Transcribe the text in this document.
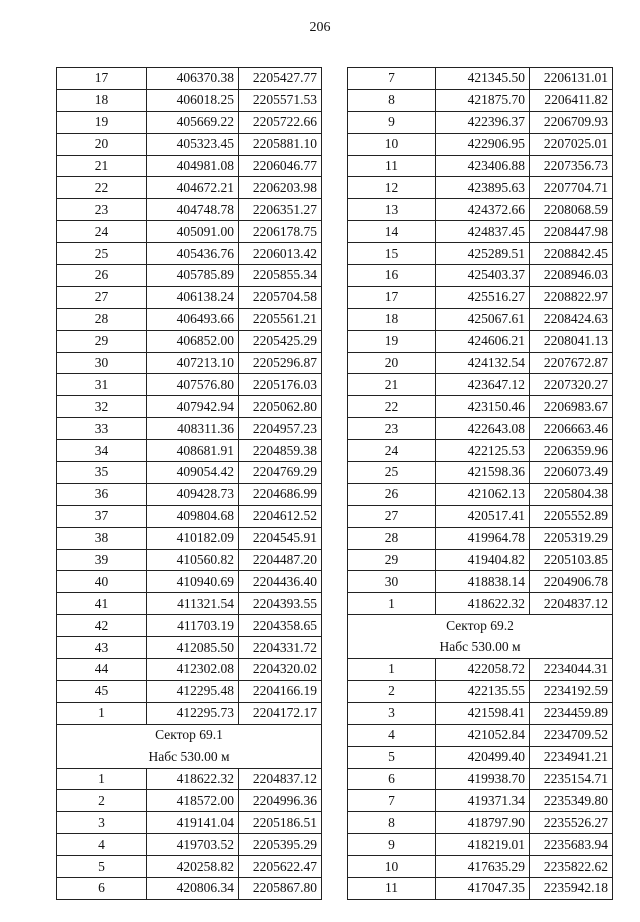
206
17	406370.38	2205427.77
18	406018.25	2205571.53
19	405669.22	2205722.66
20	405323.45	2205881.10
21	404981.08	2206046.77
22	404672.21	2206203.98
23	404748.78	2206351.27
24	405091.00	2206178.75
25	405436.76	2206013.42
26	405785.89	2205855.34
27	406138.24	2205704.58
28	406493.66	2205561.21
29	406852.00	2205425.29
30	407213.10	2205296.87
31	407576.80	2205176.03
32	407942.94	2205062.80
33	408311.36	2204957.23
34	408681.91	2204859.38
35	409054.42	2204769.29
36	409428.73	2204686.99
37	409804.68	2204612.52
38	410182.09	2204545.91
39	410560.82	2204487.20
40	410940.69	2204436.40
41	411321.54	2204393.55
42	411703.19	2204358.65
43	412085.50	2204331.72
44	412302.08	2204320.02
45	412295.48	2204166.19
1	412295.73	2204172.17
Сектор 69.1		
Набс 530.00 м		
1	418622.32	2204837.12
2	418572.00	2204996.36
3	419141.04	2205186.51
4	419703.52	2205395.29
5	420258.82	2205622.47
6	420806.34	2205867.80
7	421345.50	2206131.01
8	421875.70	2206411.82
9	422396.37	2206709.93
10	422906.95	2207025.01
11	423406.88	2207356.73
12	423895.63	2207704.71
13	424372.66	2208068.59
14	424837.45	2208447.98
15	425289.51	2208842.45
16	425403.37	2208946.03
17	425516.27	2208822.97
18	425067.61	2208424.63
19	424606.21	2208041.13
20	424132.54	2207672.87
21	423647.12	2207320.27
22	423150.46	2206983.67
23	422643.08	2206663.46
24	422125.53	2206359.96
25	421598.36	2206073.49
26	421062.13	2205804.38
27	420517.41	2205552.89
28	419964.78	2205319.29
29	419404.82	2205103.85
30	418838.14	2204906.78
1	418622.32	2204837.12
Сектор 69.2		
Набс 530.00 м		
1	422058.72	2234044.31
2	422135.55	2234192.59
3	421598.41	2234459.89
4	421052.84	2234709.52
5	420499.40	2234941.21
6	419938.70	2235154.71
7	419371.34	2235349.80
8	418797.90	2235526.27
9	418219.01	2235683.94
10	417635.29	2235822.62
11	417047.35	2235942.18
